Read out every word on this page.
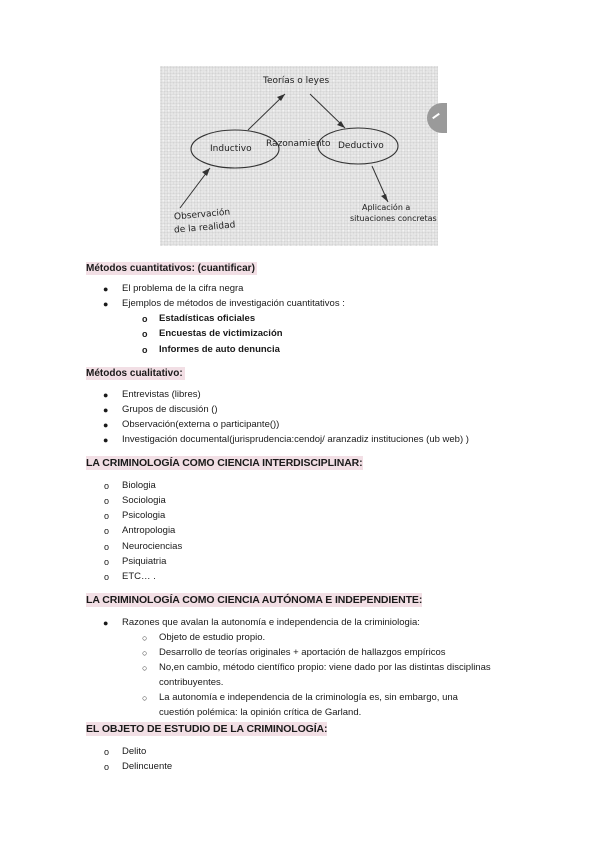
Teorías o leyes
Inductivo Razonamiento Deductivo
Observación
de la realidad
Aplicación a
situaciones concretas
Métodos cuantitativos: (cuantificar)
● El problema de la cifra negra
● Ejemplos de métodos de investigación cuantitativos :
o Estadísticas oficiales
o Encuestas de victimización
o Informes de auto denuncia
Métodos cualitativo:
● Entrevistas (libres)
● Grupos de discusión ()
● Observación(externa o participante())
● Investigación documental(jurisprudencia:cendoj/ aranzadiz instituciones (ub web) )
LA CRIMINOLOGÍA COMO CIENCIA INTERDISCIPLINAR:
o Biologia
o Sociologia
o Psicologia
o Antropologia
o Neurociencias
o Psiquiatria
o ETC… .
LA CRIMINOLOGÍA COMO CIENCIA AUTÓNOMA E INDEPENDIENTE:
● Razones que avalan la autonomía e independencia de la criminiologia:
○ Objeto de estudio propio.
○ Desarrollo de teorías originales + aportación de hallazgos empíricos
○ No,en cambio, método científico propio: viene dado por las distintas disciplinas
contribuyentes.
○ La autonomía e independencia de la criminología es, sin embargo, una
cuestión polémica: la opinión crítica de Garland.
EL OBJETO DE ESTUDIO DE LA CRIMINOLOGÍA:
o Delito
o Delincuente
